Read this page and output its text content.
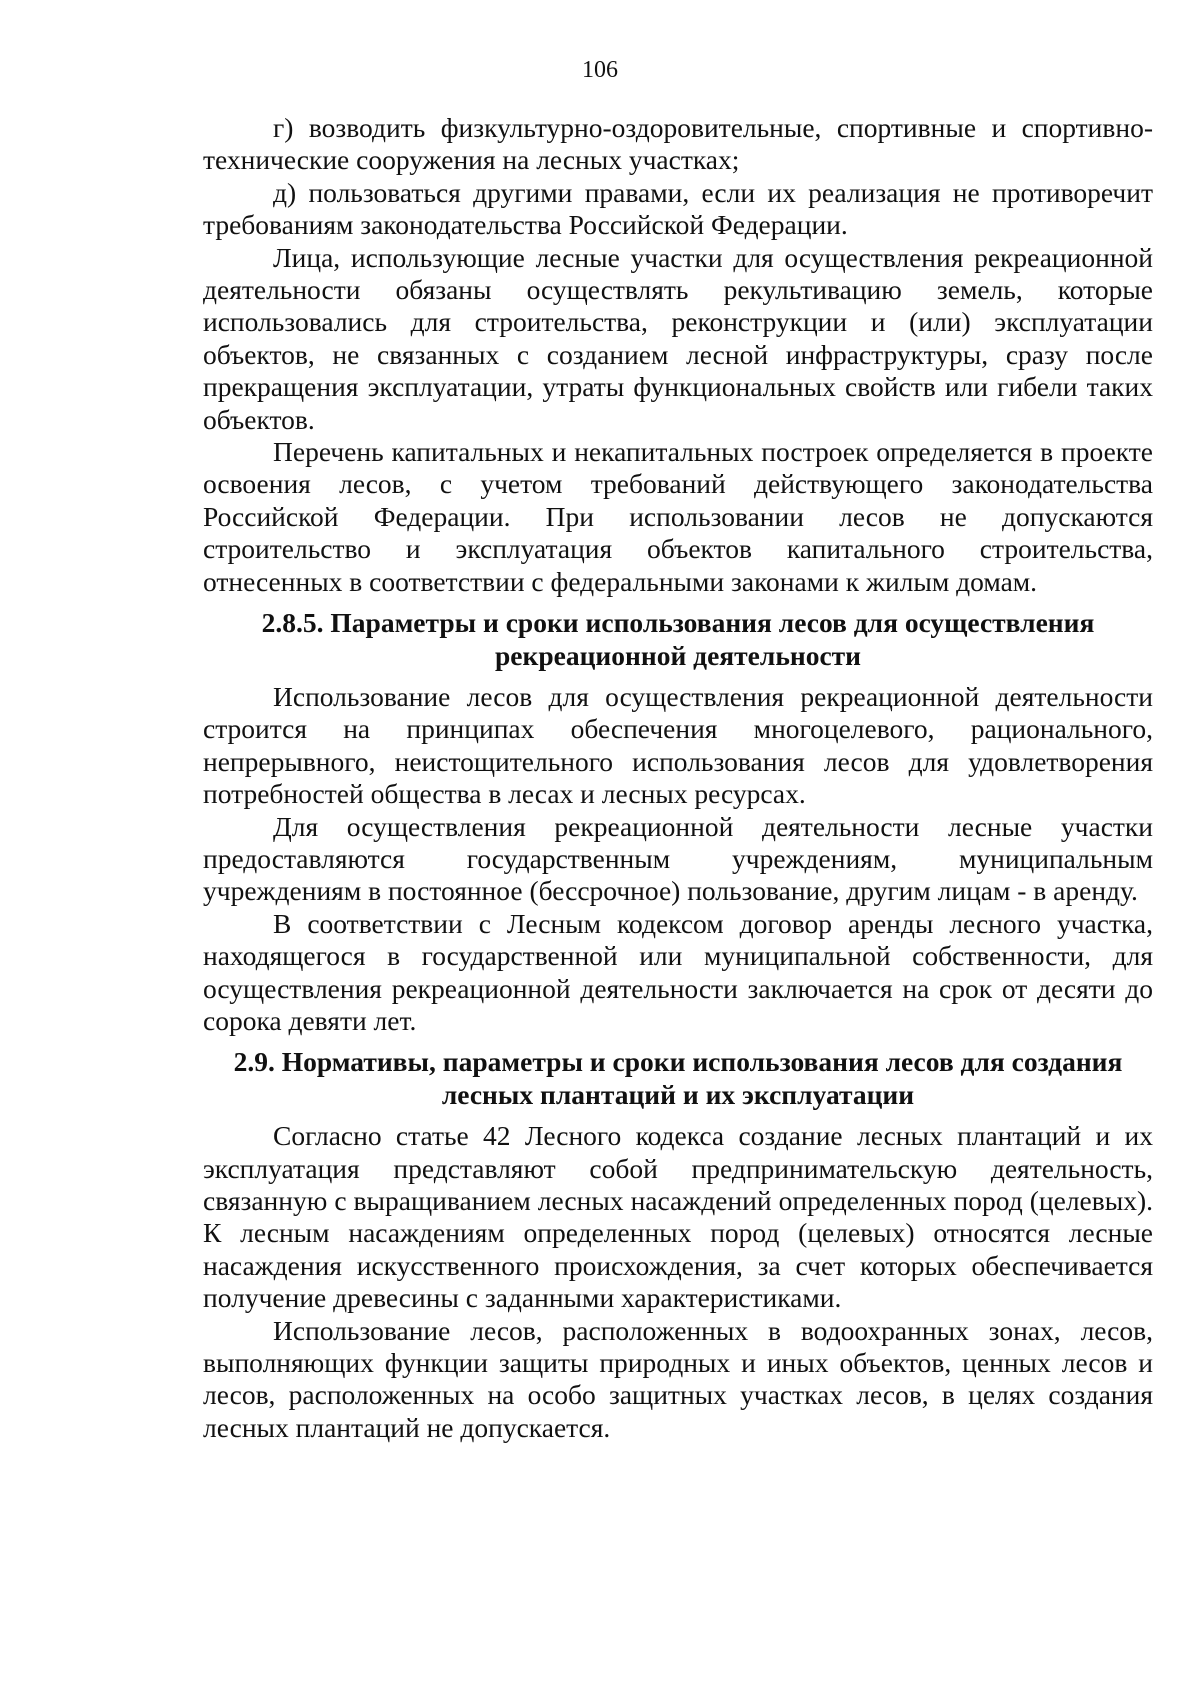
106

г) возводить физкультурно-оздоровительные, спортивные и спортивно-технические сооружения на лесных участках;

д) пользоваться другими правами, если их реализация не противоречит требованиям законодательства Российской Федерации.

Лица, использующие лесные участки для осуществления рекреационной деятельности обязаны осуществлять рекультивацию земель, которые использовались для строительства, реконструкции и (или) эксплуатации объектов, не связанных с созданием лесной инфраструктуры, сразу после прекращения эксплуатации, утраты функциональных свойств или гибели таких объектов.

Перечень капитальных и некапитальных построек определяется в проекте освоения лесов, с учетом требований действующего законодательства Российской Федерации. При использовании лесов не допускаются строительство и эксплуатация объектов капитального строительства, отнесенных в соответствии с федеральными законами к жилым домам.

2.8.5. Параметры и сроки использования лесов для осуществления рекреационной деятельности

Использование лесов для осуществления рекреационной деятельности строится на принципах обеспечения многоцелевого, рационального, непрерывного, неистощительного использования лесов для удовлетворения потребностей общества в лесах и лесных ресурсах.

Для осуществления рекреационной деятельности лесные участки предоставляются государственным учреждениям, муниципальным учреждениям в постоянное (бессрочное) пользование, другим лицам - в аренду.

В соответствии с Лесным кодексом договор аренды лесного участка, находящегося в государственной или муниципальной собственности, для осуществления рекреационной деятельности заключается на срок от десяти до сорока девяти лет.

2.9. Нормативы, параметры и сроки использования лесов для создания лесных плантаций и их эксплуатации

Согласно статье 42 Лесного кодекса создание лесных плантаций и их эксплуатация представляют собой предпринимательскую деятельность, связанную с выращиванием лесных насаждений определенных пород (целевых). К лесным насаждениям определенных пород (целевых) относятся лесные насаждения искусственного происхождения, за счет которых обеспечивается получение древесины с заданными характеристиками.

Использование лесов, расположенных в водоохранных зонах, лесов, выполняющих функции защиты природных и иных объектов, ценных лесов и лесов, расположенных на особо защитных участках лесов, в целях создания лесных плантаций не допускается.
